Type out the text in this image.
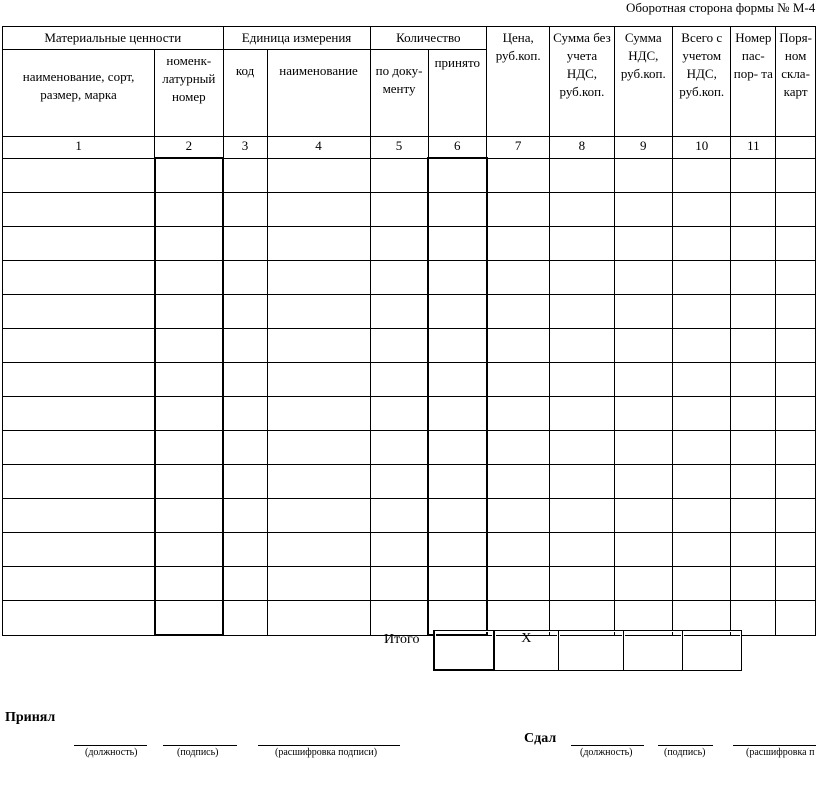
Оборотная сторона формы № М-4
Материальные ценности		Единица измерения		Количество		Цена, руб.коп.	Сумма без учета НДС, руб.коп.	Сумма НДС, руб.коп.	Всего с учетом НДС, руб.коп.	Номер пас- пор- та	Поря- ном скла- карт

наименование, сорт, размер, марка	номенк- латурный номер	код	наименование	по доку- менту	принято						
1	2	3	4	5	6	7	8	9	10	11	

Итого
		Х			
Принял
(должность)	(подпись)	(расшифровка подписи)
Сдал
(должность)	(подпись)	(расшифровка п
